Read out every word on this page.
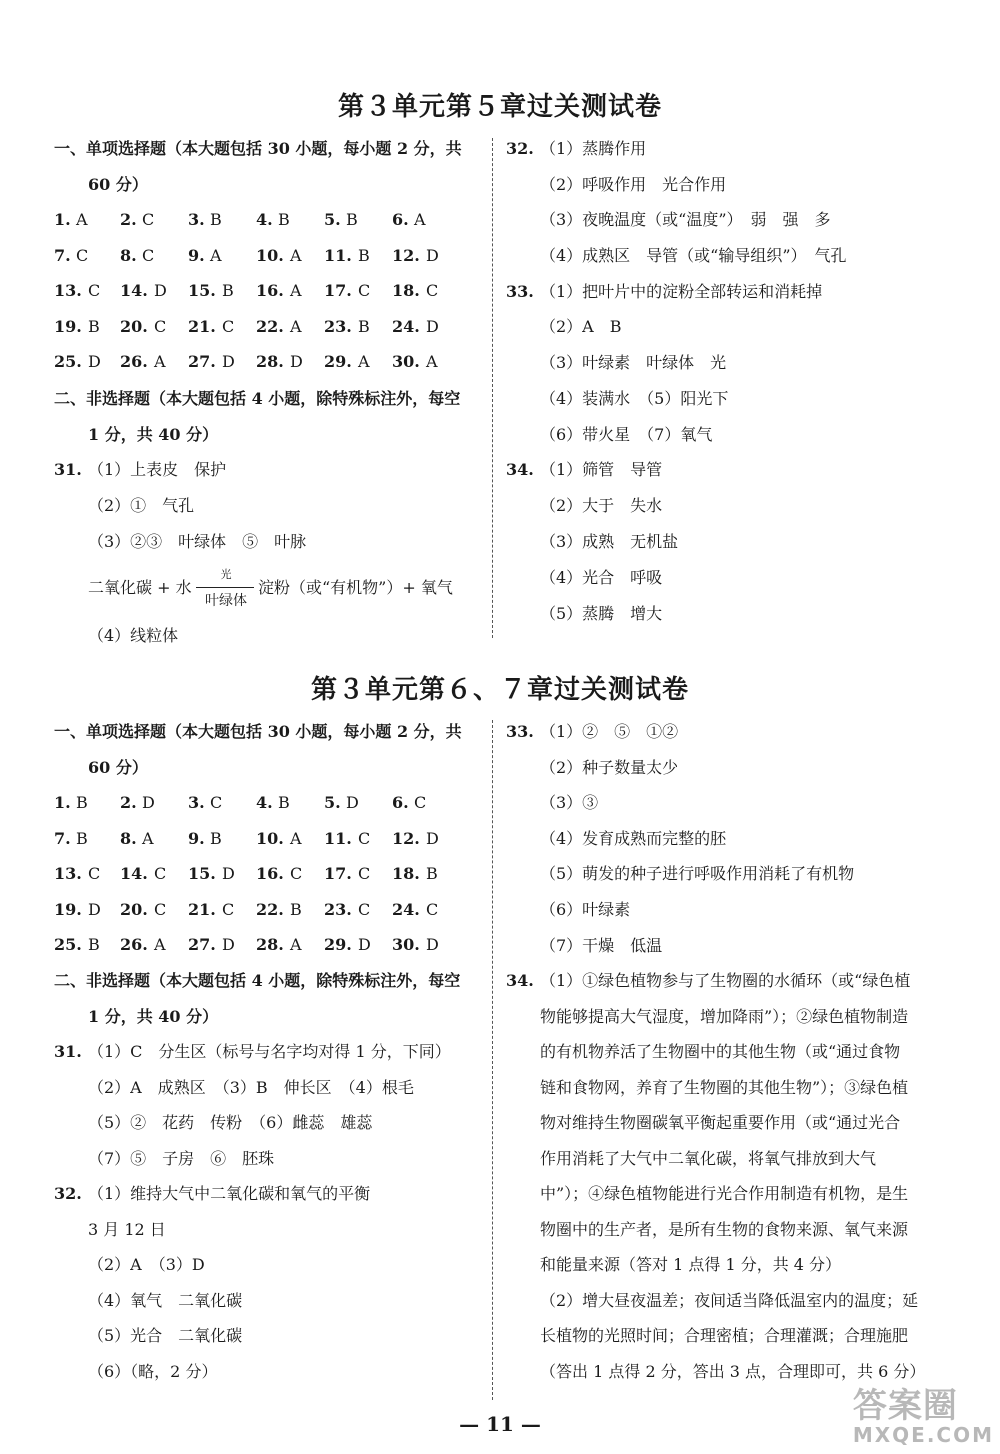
第３单元第５章过关测试卷
一、单项选择题（本大题包括 30 小题，每小题 2 分，共
60 分）
1. A 2. C 3. B 4. B 5. B 6. A
7. C 8. C 9. A 10. A 11. B 12. D
13. C 14. D 15. B 16. A 17. C 18. C
19. B 20. C 21. C 22. A 23. B 24. D
25. D 26. A 27. D 28. D 29. A 30. A
二、非选择题（本大题包括 4 小题，除特殊标注外，每空
1 分，共 40 分）
31. （1）上表皮　保护
（2）①　气孔
（3）②③　叶绿体　⑤　叶脉
二氧化碳 + 水
光
叶绿体
淀粉（或“有机物”）+ 氧气
（4）线粒体
32. （1）蒸腾作用
（2）呼吸作用　光合作用
（3）夜晚温度（或“温度”）　弱　强　多
（4）成熟区　导管（或“输导组织”）　气孔
33. （1）把叶片中的淀粉全部转运和消耗掉
（2）A　B
（3）叶绿素　叶绿体　光
（4）装满水　（5）阳光下
（6）带火星　（7）氧气
34. （1）筛管　导管
（2）大于　失水
（3）成熟　无机盐
（4）光合　呼吸
（5）蒸腾　增大
第３单元第６、７章过关测试卷
一、单项选择题（本大题包括 30 小题，每小题 2 分，共
60 分）
1. B 2. D 3. C 4. B 5. D 6. C
7. B 8. A 9. B 10. A 11. C 12. D
13. C 14. C 15. D 16. C 17. C 18. B
19. D 20. C 21. C 22. B 23. C 24. C
25. B 26. A 27. D 28. A 29. D 30. D
二、非选择题（本大题包括 4 小题，除特殊标注外，每空
1 分，共 40 分）
31. （1）C　分生区（标号与名字均对得 1 分，下同）
（2）A　成熟区　（3）B　伸长区　（4）根毛
（5）②　花药　传粉　（6）雌蕊　雄蕊
（7）⑤　子房　⑥　胚珠
32. （1）维持大气中二氧化碳和氧气的平衡
3 月 12 日
（2）A　（3）D
（4）氧气　二氧化碳
（5）光合　二氧化碳
（6）（略，2 分）
33. （1）②　⑤　①②
（2）种子数量太少
（3）③
（4）发育成熟而完整的胚
（5）萌发的种子进行呼吸作用消耗了有机物
（6）叶绿素
（7）干燥　低温
34. （1）①绿色植物参与了生物圈的水循环（或“绿色植
物能够提高大气湿度，增加降雨”）；②绿色植物制造
的有机物养活了生物圈中的其他生物（或“通过食物
链和食物网，养育了生物圈的其他生物”）；③绿色植
物对维持生物圈碳氧平衡起重要作用（或“通过光合
作用消耗了大气中二氧化碳，将氧气排放到大气
中”）；④绿色植物能进行光合作用制造有机物，是生
物圈中的生产者，是所有生物的食物来源、氧气来源
和能量来源（答对 1 点得 1 分，共 4 分）
（2）增大昼夜温差；夜间适当降低温室内的温度；延
长植物的光照时间；合理密植；合理灌溉；合理施肥
（答出 1 点得 2 分，答出 3 点，合理即可，共 6 分）
— 11 —	答案圈
MXQE.COM
